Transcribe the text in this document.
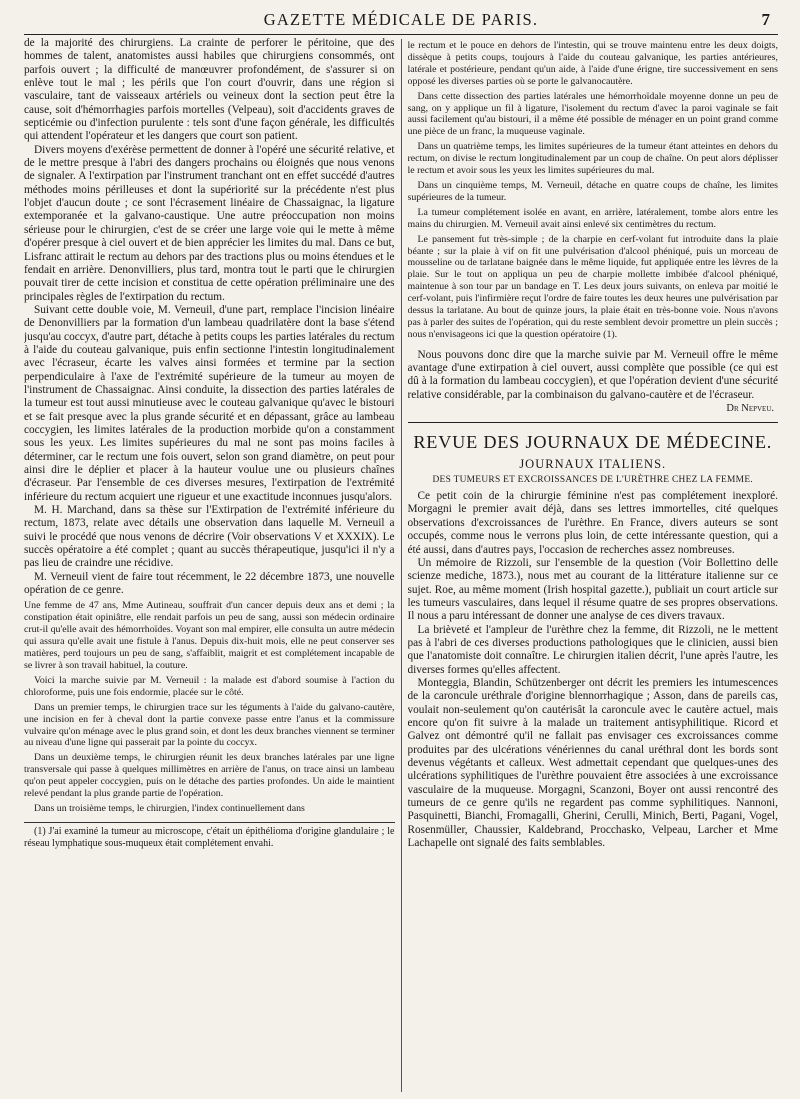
GAZETTE MÉDICALE DE PARIS.	7

de la majorité des chirurgiens. La crainte de perforer le péritoine, que des hommes de talent, anatomistes aussi habiles que chirurgiens consommés, ont parfois ouvert ; la difficulté de manœuvrer profondément, de s'assurer si on enlève tout le mal ; les périls que l'on court d'ouvrir, dans une région si vasculaire, tant de vaisseaux artériels ou veineux dont la section peut être la cause, soit d'hémorrhagies parfois mortelles (Velpeau), soit d'accidents graves de septicémie ou d'infection purulente : tels sont d'une façon générale, les difficultés qui attendent l'opérateur et les dangers que court son patient.

Divers moyens d'exérèse permettent de donner à l'opéré une sécurité relative, et de le mettre presque à l'abri des dangers prochains ou éloignés que nous venons de signaler. A l'extirpation par l'instrument tranchant ont en effet succédé d'autres méthodes moins périlleuses et dont la supériorité sur la précédente n'est plus l'objet d'aucun doute ; ce sont l'écrasement linéaire de Chassaignac, la ligature extemporanée et la galvano-caustique. Une autre préoccupation non moins sérieuse pour le chirurgien, c'est de se créer une large voie qui le mette à même d'opérer presque à ciel ouvert et de bien apprécier les limites du mal. Dans ce but, Lisfranc attirait le rectum au dehors par des tractions plus ou moins étendues et le fendait en arrière. Denonvilliers, plus tard, montra tout le parti que le chirurgien pouvait tirer de cette incision et constitua de cette opération préliminaire une des principales règles de l'extirpation du rectum.

Suivant cette double voie, M. Verneuil, d'une part, remplace l'incision linéaire de Denonvilliers par la formation d'un lambeau quadrilatère dont la base s'étend jusqu'au coccyx, d'autre part, détache à petits coups les parties latérales du rectum à l'aide du couteau galvanique, puis enfin sectionne l'intestin longitudinalement avec l'écraseur, écarte les valves ainsi formées et termine par la section perpendiculaire à l'axe de l'extrémité supérieure de la tumeur au moyen de l'instrument de Chassaignac. Ainsi conduite, la dissection des parties latérales de la tumeur est tout aussi minutieuse avec le couteau galvanique qu'avec le bistouri et se fait presque avec la plus grande sécurité et en dépassant, grâce au lambeau coccygien, les limites latérales de la production morbide qu'on a constamment sous les yeux. Les limites supérieures du mal ne sont pas moins faciles à déterminer, car le rectum une fois ouvert, selon son grand diamètre, on peut pour ainsi dire le déplier et placer à la hauteur voulue une ou plusieurs chaînes d'écraseur. Par l'ensemble de ces diverses mesures, l'extirpation de l'extrémité inférieure du rectum acquiert une rigueur et une exactitude inconnues jusqu'alors.

M. H. Marchand, dans sa thèse sur l'Extirpation de l'extrémité inférieure du rectum, 1873, relate avec détails une observation dans laquelle M. Verneuil a suivi le procédé que nous venons de décrire (Voir observations V et XXXIX). Le succès opératoire a été complet ; quant au succès thérapeutique, jusqu'ici il n'y a pas lieu de craindre une récidive.

M. Verneuil vient de faire tout récemment, le 22 décembre 1873, une nouvelle opération de ce genre.

Une femme de 47 ans, Mme Autineau, souffrait d'un cancer depuis deux ans et demi ; la constipation était opiniâtre, elle rendait parfois un peu de sang, aussi son médecin ordinaire crut-il qu'elle avait des hémorrhoïdes. Voyant son mal empirer, elle consulta un autre médecin qui assura qu'elle avait une fistule à l'anus. Depuis dix-huit mois, elle ne peut conserver ses matières, perd toujours un peu de sang, s'affaiblit, maigrit et est complétement incapable de se livrer à son travail habituel, la couture.

Voici la marche suivie par M. Verneuil : la malade est d'abord soumise à l'action du chloroforme, puis une fois endormie, placée sur le côté.

Dans un premier temps, le chirurgien trace sur les téguments à l'aide du galvano-cautère, une incision en fer à cheval dont la partie convexe passe entre l'anus et la commissure vulvaire qu'on ménage avec le plus grand soin, et dont les deux branches viennent se terminer au niveau d'une ligne qui passerait par la pointe du coccyx.

Dans un deuxième temps, le chirurgien réunit les deux branches latérales par une ligne transversale qui passe à quelques millimètres en arrière de l'anus, on trace ainsi un lambeau qu'on peut appeler coccygien, puis on le détache des parties profondes. Un aide le maintient relevé pendant la plus grande partie de l'opération.

Dans un troisième temps, le chirurgien, l'index continuellement dans

(1) J'ai examiné la tumeur au microscope, c'était un épithélioma d'origine glandulaire ; le réseau lymphatique sous-muqueux était complétement envahi.

le rectum et le pouce en dehors de l'intestin, qui se trouve maintenu entre les deux doigts, dissèque à petits coups, toujours à l'aide du couteau galvanique, les parties antérieures, latérale et postérieure, pendant qu'un aide, à l'aide d'une érigne, tire successivement en sens opposé les diverses parties où se porte le galvanocautère.

Dans cette dissection des parties latérales une hémorrhoïdale moyenne donne un peu de sang, on y applique un fil à ligature, l'isolement du rectum d'avec la paroi vaginale se fait aussi facilement qu'au bistouri, il a même été possible de ménager en un point grand comme une pièce de un franc, la muqueuse vaginale.

Dans un quatrième temps, les limites supérieures de la tumeur étant atteintes en dehors du rectum, on divise le rectum longitudinalement par un coup de chaîne. On peut alors déplisser le rectum et avoir sous les yeux les limites supérieures du mal.

Dans un cinquième temps, M. Verneuil, détache en quatre coups de chaîne, les limites supérieures de la tumeur.

La tumeur complétement isolée en avant, en arrière, latéralement, tombe alors entre les mains du chirurgien. M. Verneuil avait ainsi enlevé six centimètres du rectum.

Le pansement fut très-simple ; de la charpie en cerf-volant fut introduite dans la plaie béante ; sur la plaie à vif on fit une pulvérisation d'alcool phéniqué, puis un morceau de mousseline ou de tarlatane baignée dans le même liquide, fut appliquée entre les lèvres de la plaie. Sur le tout on appliqua un peu de charpie mollette imbibée d'alcool phéniqué, maintenue à son tour par un bandage en T. Les deux jours suivants, on enleva par moitié le cerf-volant, puis l'infirmière reçut l'ordre de faire toutes les deux heures une pulvérisation par dessus la tarlatane. Au bout de quinze jours, la plaie était en très-bonne voie. Nous n'avons pas à parler des suites de l'opération, qui du reste semblent devoir promettre un plein succès ; nous n'envisageons ici que la question opératoire (1).

Nous pouvons donc dire que la marche suivie par M. Verneuil offre le même avantage d'une extirpation à ciel ouvert, aussi complète que possible (ce qui est dû à la formation du lambeau coccygien), et que l'opération devient d'une sécurité relative considérable, par la combinaison du galvano-cautère et de l'écraseur.

Dr Nepveu.
REVUE DES JOURNAUX DE MÉDECINE.
JOURNAUX ITALIENS.
DES TUMEURS ET EXCROISSANCES DE L'URÈTHRE CHEZ LA FEMME.

Ce petit coin de la chirurgie féminine n'est pas complétement inexploré. Morgagni le premier avait déjà, dans ses lettres immortelles, cité quelques observations d'excroissances de l'urèthre. En France, divers auteurs se sont occupés, comme nous le verrons plus loin, de cette intéressante question, qui a été aussi, dans d'autres pays, l'occasion de recherches assez nombreuses.

Un mémoire de Rizzoli, sur l'ensemble de la question (Voir Bollettino delle scienze mediche, 1873.), nous met au courant de la littérature italienne sur ce sujet. Roe, au même moment (Irish hospital gazette.), publiait un court article sur les tumeurs vasculaires, dans lequel il résume quatre de ses propres observations. Il nous a paru intéressant de donner une analyse de ces divers travaux.

La brièveté et l'ampleur de l'urèthre chez la femme, dit Rizzoli, ne le mettent pas à l'abri de ces diverses productions pathologiques que le clinicien, aussi bien que l'anatomiste doit connaître. Le chirurgien italien décrit, l'une après l'autre, les diverses formes qu'elles affectent.

Monteggia, Blandin, Schützenberger ont décrit les premiers les intumescences de la caroncule uréthrale d'origine blennorrhagique ; Asson, dans de pareils cas, voulait non-seulement qu'on cautérisât la caroncule avec le cautère actuel, mais encore qu'on fit suivre à la malade un traitement antisyphilitique. Ricord et Galvez ont démontré qu'il ne fallait pas envisager ces excroissances comme produites par des ulcérations vénériennes du canal uréthral dont les bords sont devenus végétants et calleux. West admettait cependant que quelques-unes des ulcérations syphilitiques de l'urèthre pouvaient être associées à une excroissance vasculaire de la muqueuse. Morgagni, Scanzoni, Boyer ont aussi rencontré des tumeurs de ce genre qu'ils ne regardent pas comme syphilitiques. Nannoni, Pasquinetti, Bianchi, Fromagalli, Gherini, Cerulli, Minich, Berti, Pagani, Vogel, Rosenmüller, Chaussier, Kaldebrand, Procchasko, Velpeau, Larcher et Mme Lachapelle ont signalé des faits semblables.
